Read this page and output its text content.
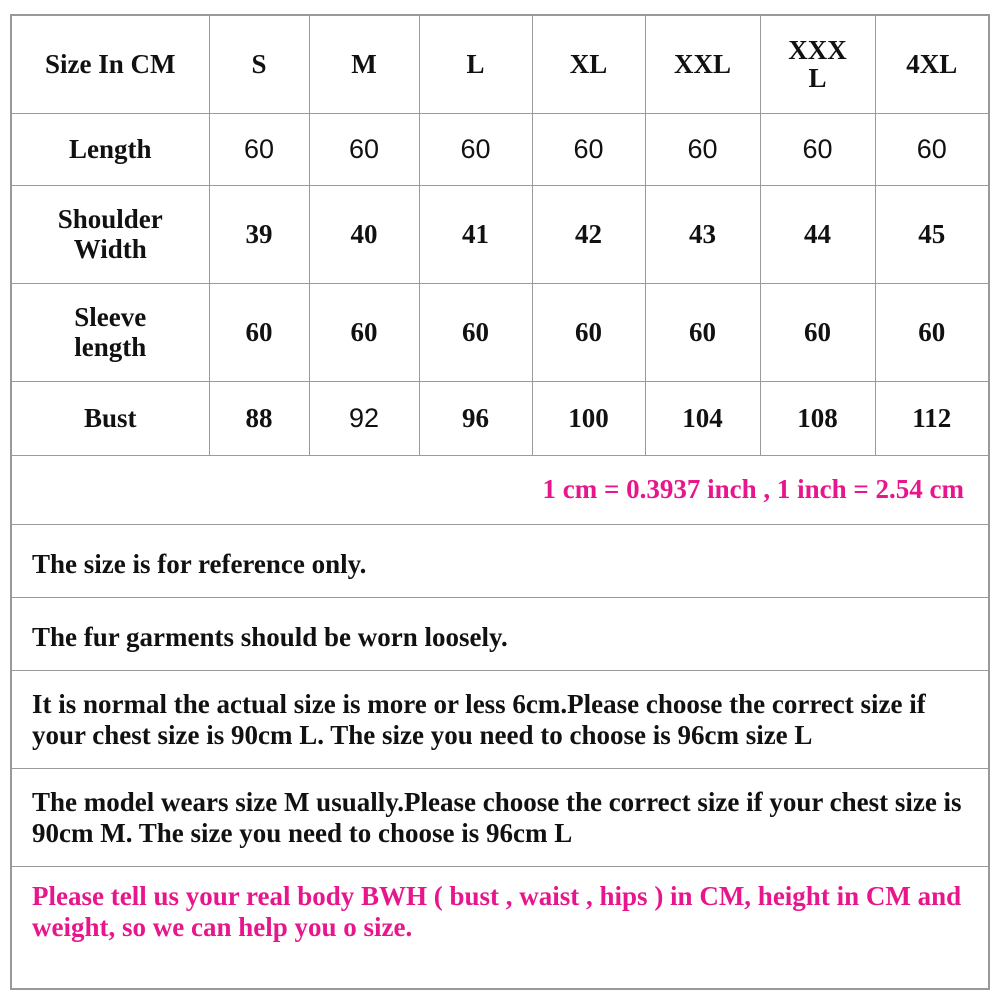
Size In CM	S	M	L	XL	XXL	XXX L	4XL
Length	60	60	60	60	60	60	60
Shoulder Width	39	40	41	42	43	44	45
Sleeve length	60	60	60	60	60	60	60
Bust	88	92	96	100	104	108	112
1 cm = 0.3937 inch , 1 inch = 2.54 cm
The size is for reference only.
The fur garments should be worn loosely.
It is normal the actual size is more or less 6cm.Please choose the correct size if your chest size is 90cm L. The size you need to choose is 96cm size L
The model wears size M usually.Please choose the correct size if your chest size is 90cm M. The size you need to choose is 96cm L
Please tell us your real body BWH ( bust , waist , hips ) in CM, height in CM and weight, so we can help you o size.
